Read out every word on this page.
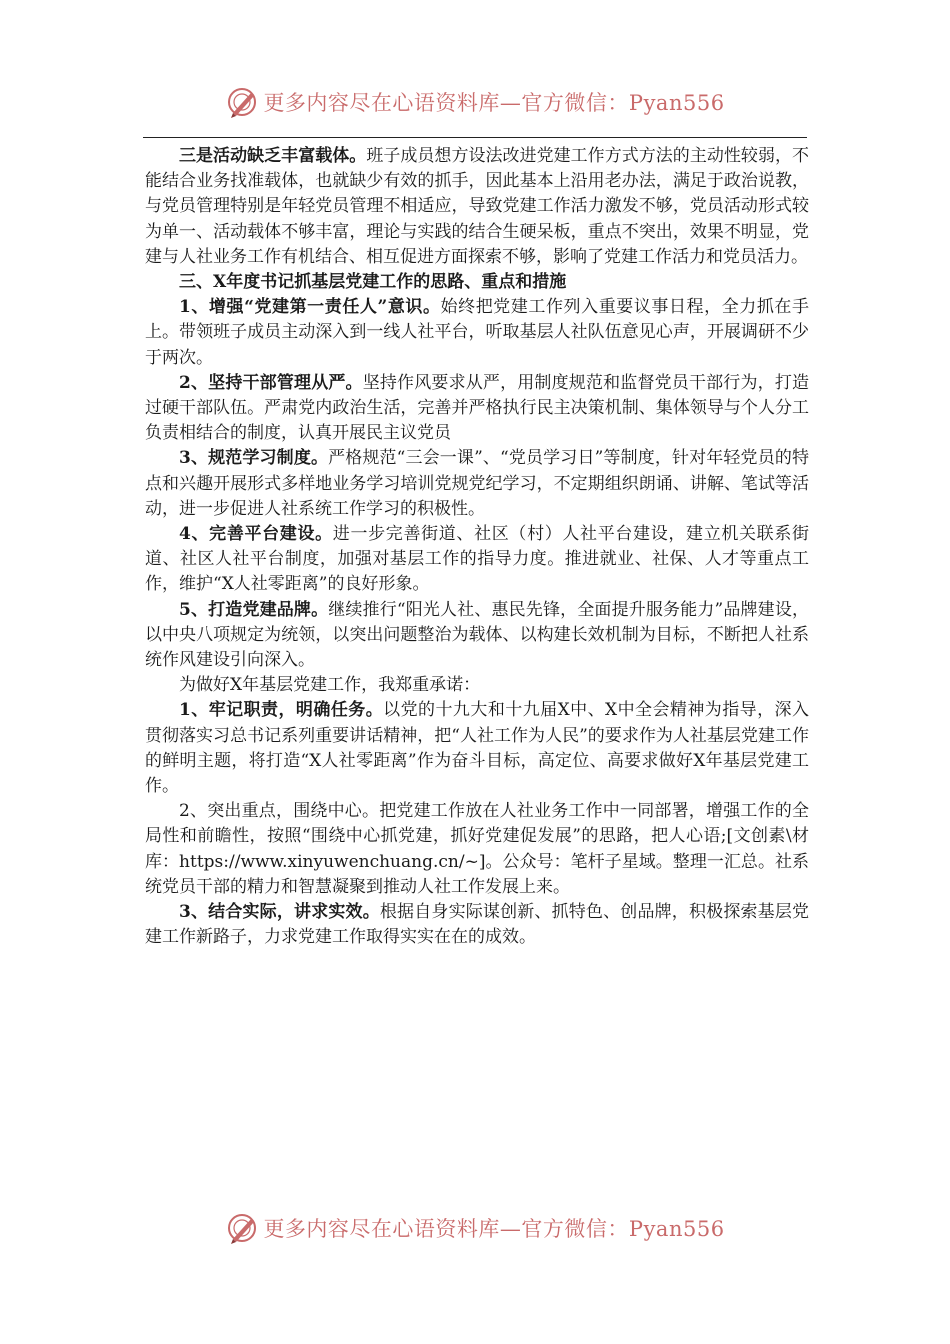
更多内容尽在心语资料库—官方微信：Pyan556

三是活动缺乏丰富载体。班子成员想方设法改进党建工作方式方法的主动性较弱，不能结合业务找准载体，也就缺少有效的抓手，因此基本上沿用老办法，满足于政治说教，与党员管理特别是年轻党员管理不相适应，导致党建工作活力激发不够，党员活动形式较为单一、活动载体不够丰富，理论与实践的结合生硬呆板，重点不突出，效果不明显，党建与人社业务工作有机结合、相互促进方面探索不够，影响了党建工作活力和党员活力。

三、X年度书记抓基层党建工作的思路、重点和措施

1、增强“党建第一责任人”意识。始终把党建工作列入重要议事日程，全力抓在手上。带领班子成员主动深入到一线人社平台，听取基层人社队伍意见心声，开展调研不少于两次。

2、坚持干部管理从严。坚持作风要求从严，用制度规范和监督党员干部行为，打造过硬干部队伍。严肃党内政治生活，完善并严格执行民主决策机制、集体领导与个人分工负责相结合的制度，认真开展民主议党员

3、规范学习制度。严格规范“三会一课”、“党员学习日”等制度，针对年轻党员的特点和兴趣开展形式多样地业务学习培训党规党纪学习，不定期组织朗诵、讲解、笔试等活动，进一步促进人社系统工作学习的积极性。

4、完善平台建设。进一步完善街道、社区（村）人社平台建设，建立机关联系街道、社区人社平台制度，加强对基层工作的指导力度。推进就业、社保、人才等重点工作，维护“X人社零距离”的良好形象。

5、打造党建品牌。继续推行“阳光人社、惠民先锋，全面提升服务能力”品牌建设，以中央八项规定为统领，以突出问题整治为载体、以构建长效机制为目标，不断把人社系统作风建设引向深入。

为做好X年基层党建工作，我郑重承诺：

1、牢记职责，明确任务。以党的十九大和十九届X中、X中全会精神为指导，深入贯彻落实习总书记系列重要讲话精神，把“人社工作为人民”的要求作为人社基层党建工作的鲜明主题，将打造“X人社零距离”作为奋斗目标，高定位、高要求做好X年基层党建工作。

2、突出重点，围绕中心。把党建工作放在人社业务工作中一同部署，增强工作的全局性和前瞻性，按照“围绕中心抓党建，抓好党建促发展”的思路，把人心语;[文创素\材库：https://www.xinyuwenchuang.cn/~]。公众号：笔杆子星域。整理一汇总。社系统党员干部的精力和智慧凝聚到推动人社工作发展上来。

3、结合实际，讲求实效。根据自身实际谋创新、抓特色、创品牌，积极探索基层党建工作新路子，力求党建工作取得实实在在的成效。

更多内容尽在心语资料库—官方微信：Pyan556
